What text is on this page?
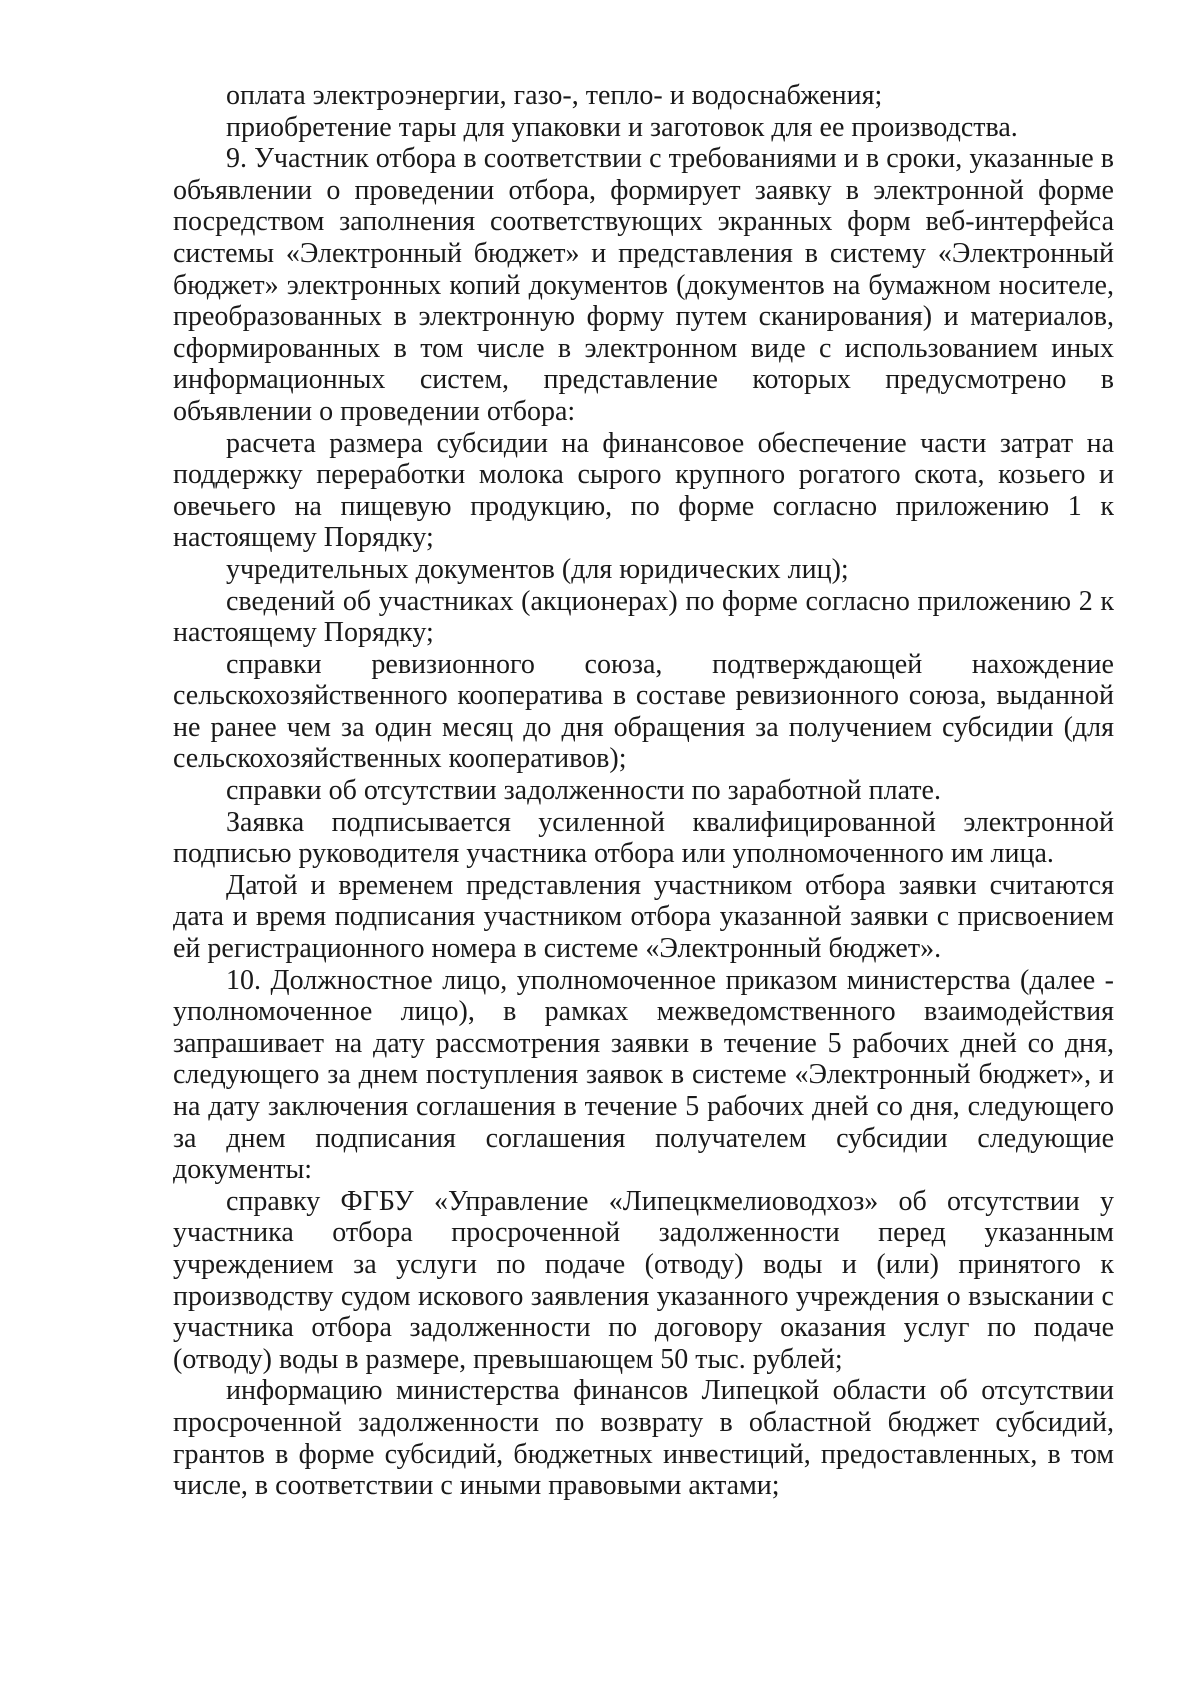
оплата электроэнергии, газо-, тепло- и водоснабжения;

приобретение тары для упаковки и заготовок для ее производства.

9. Участник отбора в соответствии с требованиями и в сроки, указанные в объявлении о проведении отбора, формирует заявку в электронной форме посредством заполнения соответствующих экранных форм веб-интерфейса системы «Электронный бюджет» и представления в систему «Электронный бюджет» электронных копий документов (документов на бумажном носителе, преобразованных в электронную форму путем сканирования) и материалов, сформированных в том числе в электронном виде с использованием иных информационных систем, представление которых предусмотрено в объявлении о проведении отбора:

расчета размера субсидии на финансовое обеспечение части затрат на поддержку переработки молока сырого крупного рогатого скота, козьего и овечьего на пищевую продукцию, по форме согласно приложению 1 к настоящему Порядку;

учредительных документов (для юридических лиц);

сведений об участниках (акционерах) по форме согласно приложению 2 к настоящему Порядку;

справки ревизионного союза, подтверждающей нахождение сельскохозяйственного кооператива в составе ревизионного союза, выданной не ранее чем за один месяц до дня обращения за получением субсидии (для сельскохозяйственных кооперативов);

справки об отсутствии задолженности по заработной плате.

Заявка подписывается усиленной квалифицированной электронной подписью руководителя участника отбора или уполномоченного им лица.

Датой и временем представления участником отбора заявки считаются дата и время подписания участником отбора указанной заявки с присвоением ей регистрационного номера в системе «Электронный бюджет».

10. Должностное лицо, уполномоченное приказом министерства (далее - уполномоченное лицо), в рамках межведомственного взаимодействия запрашивает на дату рассмотрения заявки в течение 5 рабочих дней со дня, следующего за днем поступления заявок в системе «Электронный бюджет», и на дату заключения соглашения в течение 5 рабочих дней со дня, следующего за днем подписания соглашения получателем субсидии следующие документы:

справку ФГБУ «Управление «Липецкмелиоводхоз» об отсутствии у участника отбора просроченной задолженности перед указанным учреждением за услуги по подаче (отводу) воды и (или) принятого к производству судом искового заявления указанного учреждения о взыскании с участника отбора задолженности по договору оказания услуг по подаче (отводу) воды в размере, превышающем 50 тыс. рублей;

информацию министерства финансов Липецкой области об отсутствии просроченной задолженности по возврату в областной бюджет субсидий, грантов в форме субсидий, бюджетных инвестиций, предоставленных, в том числе, в соответствии с иными правовыми актами;
